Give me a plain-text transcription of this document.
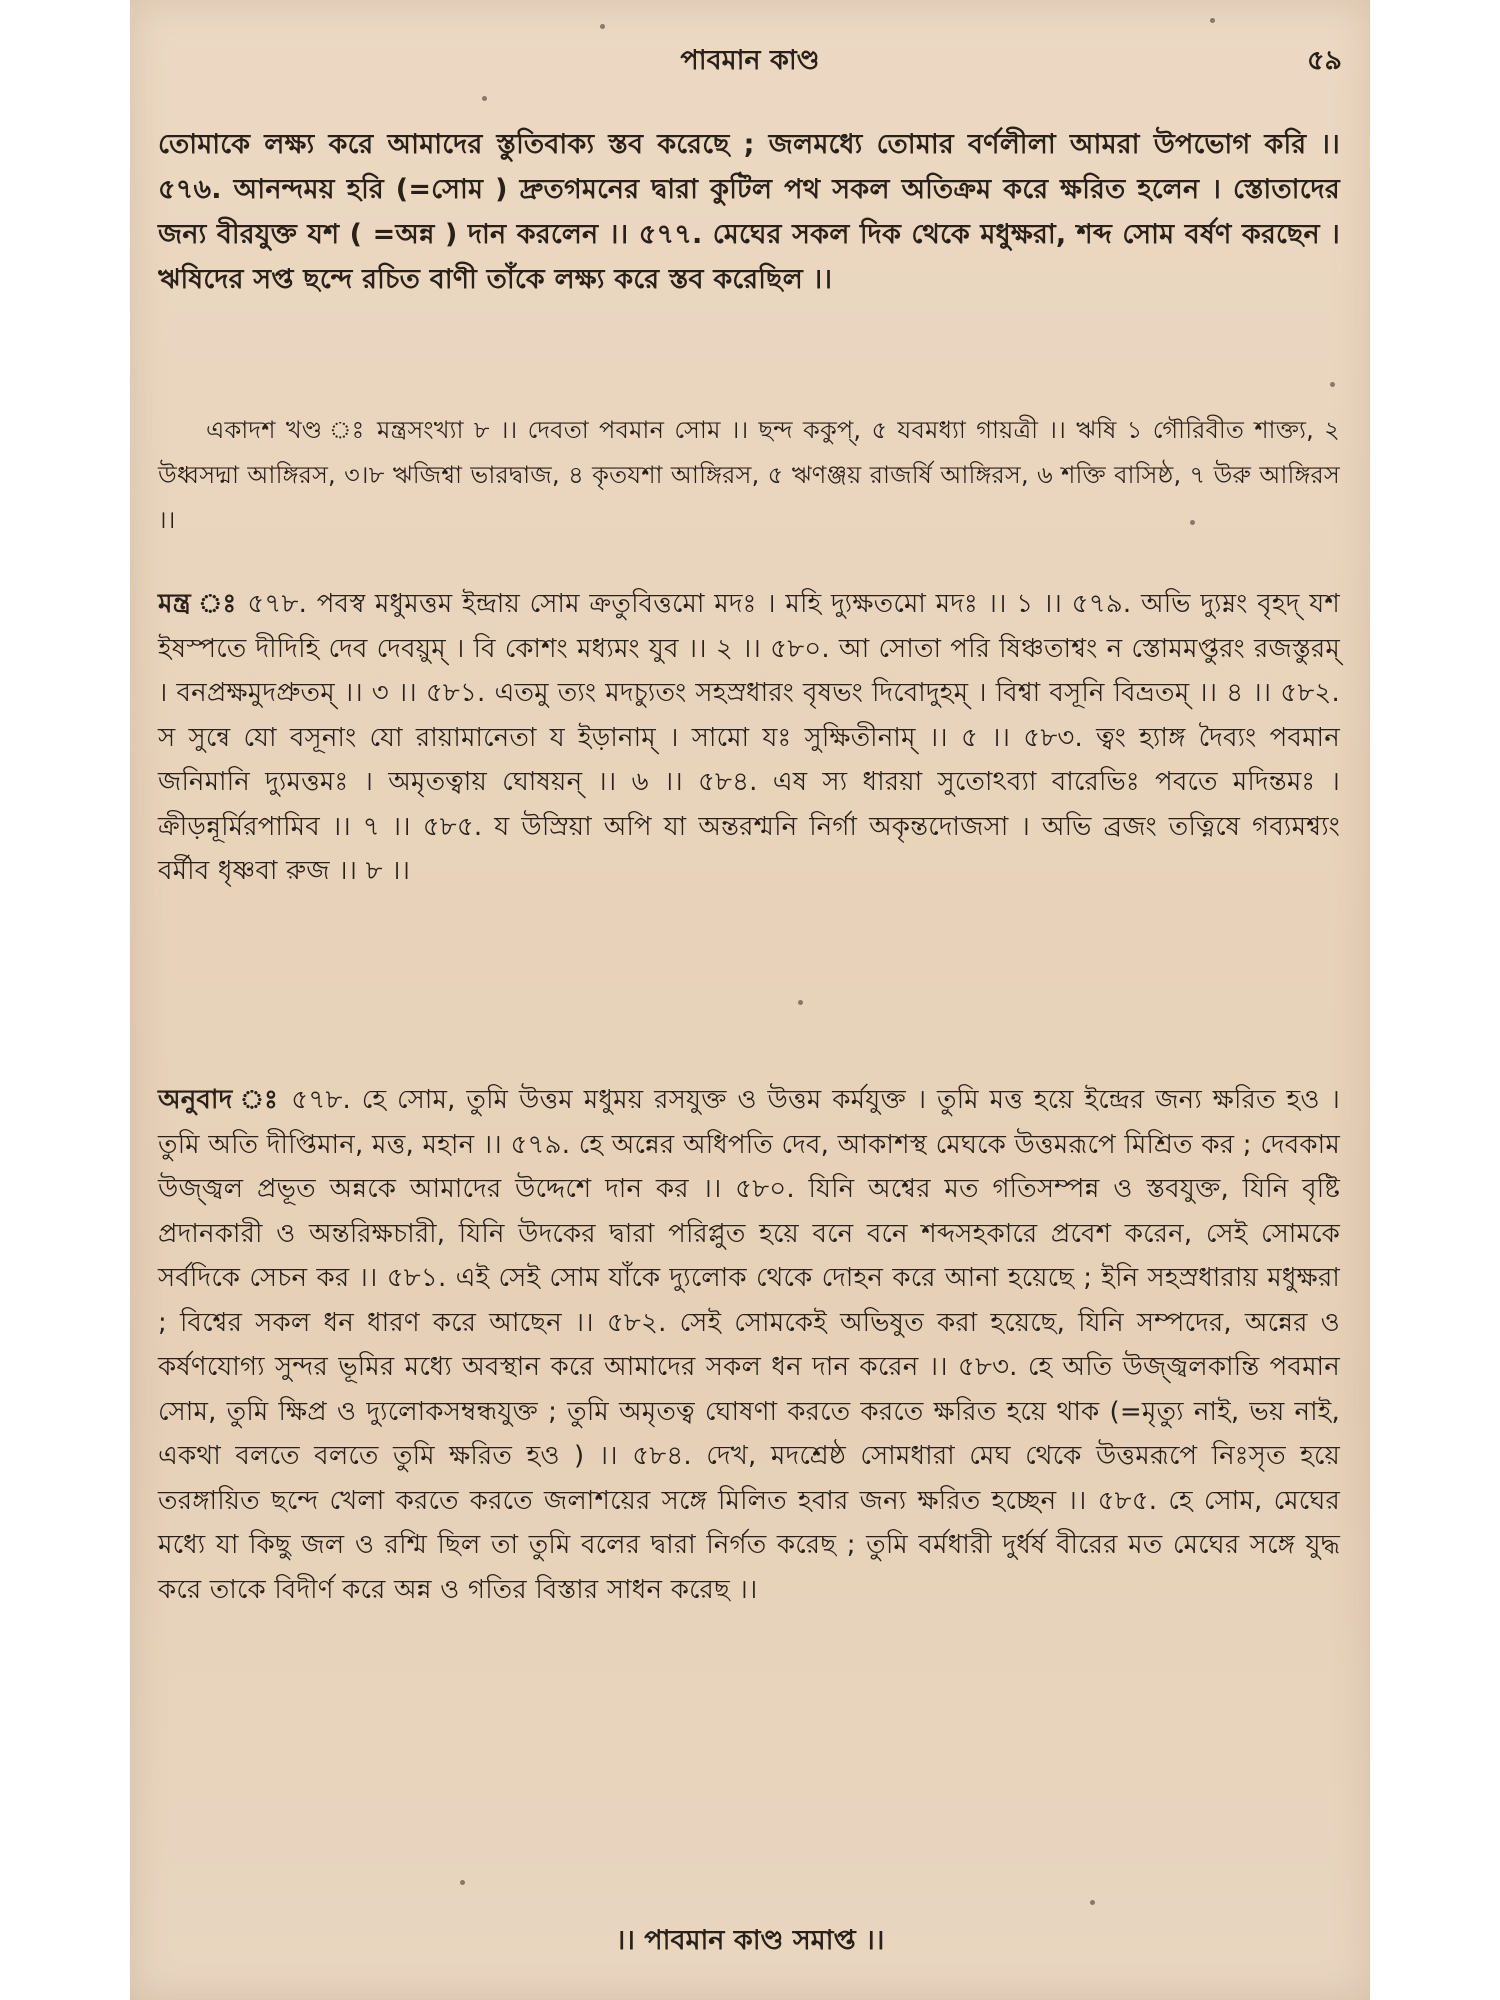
পাবমান কাণ্ড	৫৯

তোমাকে লক্ষ্য করে আমাদের স্তুতিবাক্য স্তব করেছে ; জলমধ্যে তোমার বর্ণলীলা আমরা উপভোগ করি ।। ৫৭৬. আনন্দময় হরি (=সোম ) দ্রুতগমনের দ্বারা কুটিল পথ সকল অতিক্রম করে ক্ষরিত হলেন । স্তোতাদের জন্য বীরযুক্ত যশ ( =অন্ন ) দান করলেন ।। ৫৭৭. মেঘের সকল দিক থেকে মধুক্ষরা, শব্দ সোম বর্ষণ করছেন । ঋষিদের সপ্ত ছন্দে রচিত বাণী তাঁকে লক্ষ্য করে স্তব করেছিল ।।

একাদশ খণ্ড ঃ মন্ত্রসংখ্যা ৮ ।। দেবতা পবমান সোম ।। ছন্দ ককুপ্, ৫ যবমধ্যা গায়ত্রী ।। ঋষি ১ গৌরিবীত শাক্ত্য, ২ উধ্বসদ্মা আঙ্গিরস, ৩।৮ ঋজিশ্বা ভারদ্বাজ, ৪ কৃতযশা আঙ্গিরস, ৫ ঋণঞ্জয় রাজর্ষি আঙ্গিরস, ৬ শক্তি বাসিষ্ঠ, ৭ উরু আঙ্গিরস ।।

মন্ত্র ঃ ৫৭৮. পবস্ব মধুমত্তম ইন্দ্রায় সোম ক্রতুবিত্তমো মদঃ । মহি দ্যুক্ষতমো মদঃ ।। ১ ।। ৫৭৯. অভি দ্যুম্নং বৃহদ্ যশ ইষস্পতে দীদিহি দেব দেবয়ুম্ । বি কোশং মধ্যমং যুব ।। ২ ।। ৫৮০. আ সোতা পরি ষিঞ্চতাশ্বং ন স্তোমমপ্তুরং রজস্তুরম্ । বনপ্রক্ষমুদপ্রুতম্ ।। ৩ ।। ৫৮১. এতমু ত্যং মদচ্যুতং সহস্রধারং বৃষভং দিবোদুহম্ । বিশ্বা বসূনি বিভ্রতম্ ।। ৪ ।। ৫৮২. স সুন্বে যো বসূনাং যো রায়ামানেতা য ইড়ানাম্ । সামো যঃ সুক্ষিতীনাম্ ।। ৫ ।। ৫৮৩. ত্বং হ্যাঙ্গ দৈব্যং পবমান জনিমানি দ্যুমত্তমঃ । অমৃতত্বায় ঘোষয়ন্ ।। ৬ ।। ৫৮৪. এষ স্য ধারয়া সুতোঽব্যা বারেভিঃ পবতে মদিন্তমঃ । ক্রীড়ন্নূর্মিরপামিব ।। ৭ ।। ৫৮৫. য উস্রিয়া অপি যা অন্তরশ্মনি নির্গা অকৃন্তদোজসা । অভি ব্রজং তত্নিষে গব্যমশ্ব্যং বর্মীব ধৃষ্ণবা রুজ ।। ৮ ।।

অনুবাদ ঃ ৫৭৮. হে সোম, তুমি উত্তম মধুময় রসযুক্ত ও উত্তম কর্মযুক্ত । তুমি মত্ত হয়ে ইন্দ্রের জন্য ক্ষরিত হও । তুমি অতি দীপ্তিমান, মত্ত, মহান ।। ৫৭৯. হে অন্নের অধিপতি দেব, আকাশস্থ মেঘকে উত্তমরূপে মিশ্রিত কর ; দেবকাম উজ্জ্বল প্রভূত অন্নকে আমাদের উদ্দেশে দান কর ।। ৫৮০. যিনি অশ্বের মত গতিসম্পন্ন ও স্তবযুক্ত, যিনি বৃষ্টি প্রদানকারী ও অন্তরিক্ষচারী, যিনি উদকের দ্বারা পরিপ্লুত হয়ে বনে বনে শব্দসহকারে প্রবেশ করেন, সেই সোমকে সর্বদিকে সেচন কর ।। ৫৮১. এই সেই সোম যাঁকে দ্যুলোক থেকে দোহন করে আনা হয়েছে ; ইনি সহস্রধারায় মধুক্ষরা ; বিশ্বের সকল ধন ধারণ করে আছেন ।। ৫৮২. সেই সোমকেই অভিষুত করা হয়েছে, যিনি সম্পদের, অন্নের ও কর্ষণযোগ্য সুন্দর ভূমির মধ্যে অবস্থান করে আমাদের সকল ধন দান করেন ।। ৫৮৩. হে অতি উজ্জ্বলকান্তি পবমান সোম, তুমি ক্ষিপ্র ও দ্যুলোকসম্বন্ধযুক্ত ; তুমি অমৃতত্ব ঘোষণা করতে করতে ক্ষরিত হয়ে থাক (=মৃত্যু নাই, ভয় নাই, একথা বলতে বলতে তুমি ক্ষরিত হও ) ।। ৫৮৪. দেখ, মদশ্রেষ্ঠ সোমধারা মেঘ থেকে উত্তমরূপে নিঃসৃত হয়ে তরঙ্গায়িত ছন্দে খেলা করতে করতে জলাশয়ের সঙ্গে মিলিত হবার জন্য ক্ষরিত হচ্ছেন ।। ৫৮৫. হে সোম, মেঘের মধ্যে যা কিছু জল ও রশ্মি ছিল তা তুমি বলের দ্বারা নির্গত করেছ ; তুমি বর্মধারী দুর্ধর্ষ বীরের মত মেঘের সঙ্গে যুদ্ধ করে তাকে বিদীর্ণ করে অন্ন ও গতির বিস্তার সাধন করেছ ।।

।। পাবমান কাণ্ড সমাপ্ত ।।
